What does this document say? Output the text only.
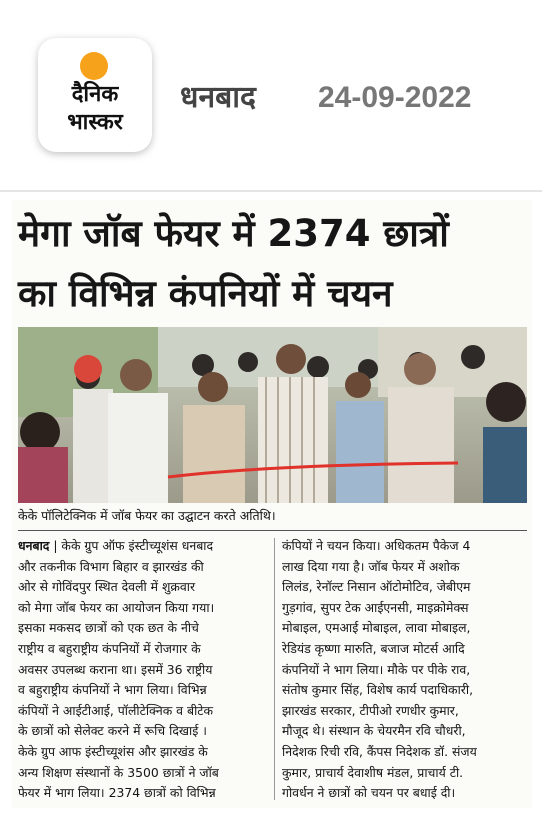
दैनिक
भास्कर
धनबाद 24-09-2022
मेगा जॉब फेयर में 2374 छात्रों
का विभिन्न कंपनियों में चयन
केके पॉलिटेक्निक में जॉब फेयर का उद्घाटन करते अतिथि।
धनबाद | केके ग्रुप ऑफ इंस्टीच्यूशंस धनबाद
और तकनीक विभाग बिहार व झारखंड की
ओर से गोविंदपुर स्थित देवली में शुक्रवार
को मेगा जॉब फेयर का आयोजन किया गया।
इसका मकसद छात्रों को एक छत के नीचे
राष्ट्रीय व बहुराष्ट्रीय कंपनियों में रोजगार के
अवसर उपलब्ध कराना था। इसमें 36 राष्ट्रीय
व बहुराष्ट्रीय कंपनियों ने भाग लिया। विभिन्न
कंपियों ने आईटीआई, पॉलीटेक्निक व बीटेक
के छात्रों को सेलेक्ट करने में रूचि दिखाई ।
केके ग्रुप आफ इंस्टीच्यूशंस और झारखंड के
अन्य शिक्षण संस्थानों के 3500 छात्रों ने जॉब
फेयर में भाग लिया। 2374 छात्रों को विभिन्न
कंपियों ने चयन किया। अधिकतम पैकेज 4
लाख दिया गया है। जॉब फेयर में अशोक
लिलंड, रेनॉल्ट निसान ऑटोमोटिव, जेबीएम
गुड़गांव, सुपर टेक आईएनसी, माइक्रोमेक्स
मोबाइल, एमआई मोबाइल, लावा मोबाइल,
रेडियंड कृष्णा मारुति, बजाज मोटर्स आदि
कंपनियों ने भाग लिया। मौके पर पीके राव,
संतोष कुमार सिंह, विशेष कार्य पदाधिकारी,
झारखंड सरकार, टीपीओ रणधीर कुमार,
मौजूद थे। संस्थान के चेयरमैन रवि चौधरी,
निदेशक रिची रवि, कैंपस निदेशक डॉ. संजय
कुमार, प्राचार्य देवाशीष मंडल, प्राचार्य टी.
गोवर्धन ने छात्रों को चयन पर बधाई दी।
